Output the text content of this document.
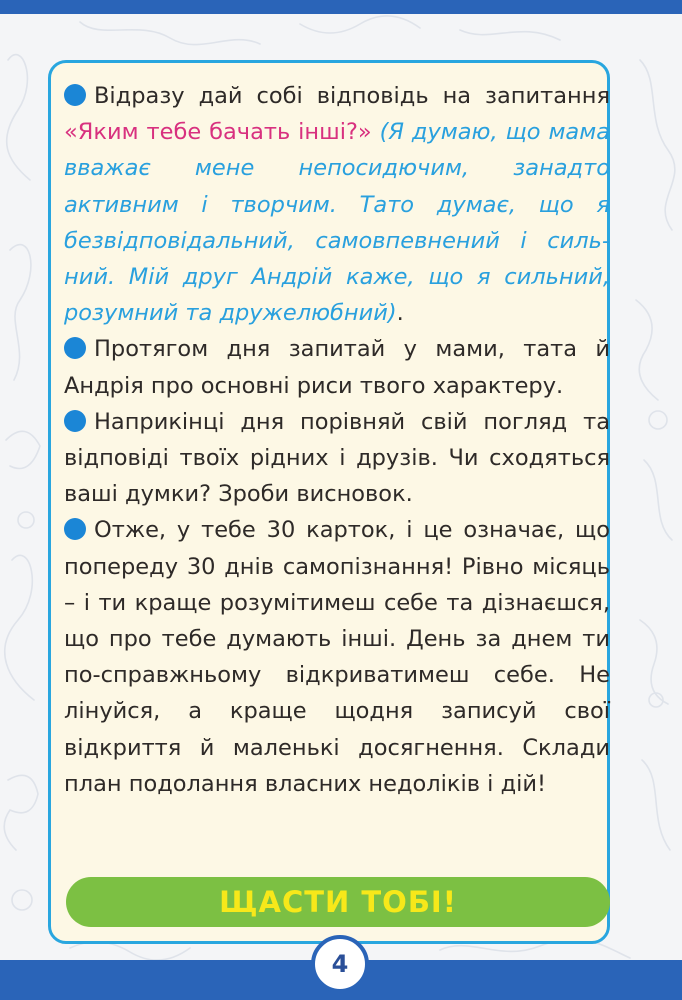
Відразу дай собі відповідь на запитання «Яким тебе бачать інші?» (Я думаю, що мама вважає мене непосидючим, занадто активним і творчим. Тато думає, що я безвідповідальний, самовпевнений і сильний. Мій друг Андрій каже, що я сильний, розумний та дружелюбний).

Протягом дня запитай у мами, тата й Андрія про основні риси твого характеру.

Наприкінці дня порівняй свій погляд та відповіді твоїх рідних і друзів. Чи сходяться ваші думки? Зроби висновок.

Отже, у тебе 30 карток, і це означає, що попереду 30 днів самопізнання! Рівно місяць – і ти краще розумітимеш себе та дізнаєшся, що про тебе думають інші. День за днем ти по-справжньому відкриватимеш себе. Не лінуйся, а краще щодня записуй свої відкриття й маленькі досягнення. Склади план подолання власних недоліків і дій!

ЩАСТИ ТОБІ!
4
